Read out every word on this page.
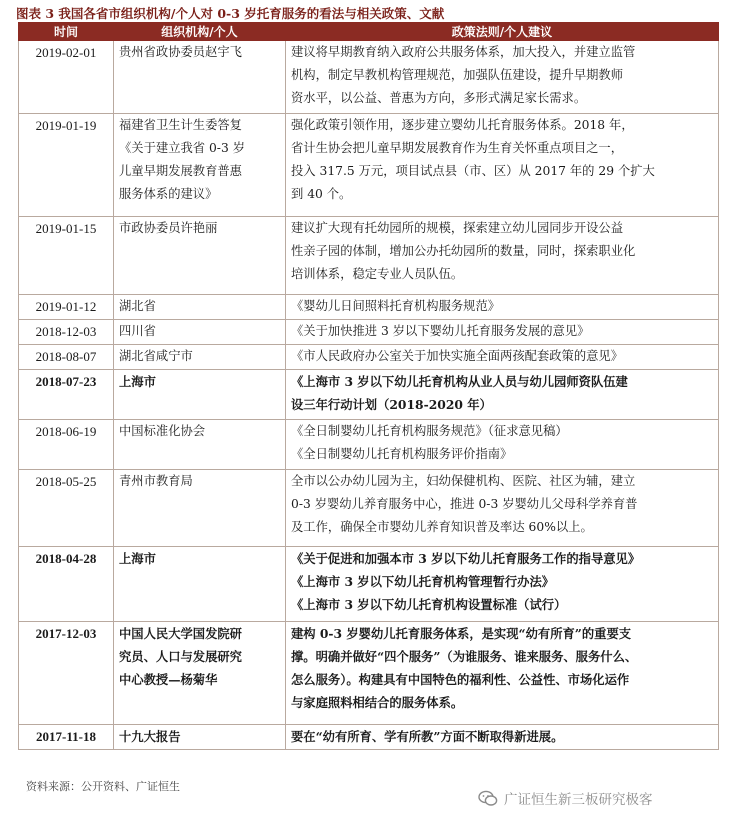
图表 3 我国各省市组织机构/个人对 0-3 岁托育服务的看法与相关政策、文献
时间	组织机构/个人	政策法则/个人建议
2019-02-01	贵州省政协委员赵宇飞	建议将早期教育纳入政府公共服务体系，加大投入，并建立监管
机构，制定早教机构管理规范，加强队伍建设，提升早期教师
资水平，以公益、普惠为方向，多形式满足家长需求。

2019-01-19	福建省卫生计生委答复
《关于建立我省 0-3 岁
儿童早期发展教育普惠
服务体系的建议》	强化政策引领作用，逐步建立婴幼儿托育服务体系。2018 年，
省计生协会把儿童早期发展教育作为生育关怀重点项目之一，
投入 317.5 万元，项目试点县（市、区）从 2017 年的 29 个扩大
到 40 个。

2019-01-15	市政协委员许艳丽	建议扩大现有托幼园所的规模，探索建立幼儿园同步开设公益
性亲子园的体制，增加公办托幼园所的数量，同时，探索职业化
培训体系，稳定专业人员队伍。

2019-01-12	湖北省	《婴幼儿日间照料托育机构服务规范》

2018-12-03	四川省	《关于加快推进 3 岁以下婴幼儿托育服务发展的意见》

2018-08-07	湖北省咸宁市	《市人民政府办公室关于加快实施全面两孩配套政策的意见》

2018-07-23	上海市	《上海市 3 岁以下幼儿托育机构从业人员与幼儿园师资队伍建
设三年行动计划（2018-2020 年）

2018-06-19	中国标准化协会	《全日制婴幼儿托育机构服务规范》（征求意见稿）
《全日制婴幼儿托育机构服务评价指南》

2018-05-25	青州市教育局	全市以公办幼儿园为主，妇幼保健机构、医院、社区为辅，建立
0-3 岁婴幼儿养育服务中心，推进 0-3 岁婴幼儿父母科学养育普
及工作，确保全市婴幼儿养育知识普及率达 60%以上。

2018-04-28	上海市	《关于促进和加强本市 3 岁以下幼儿托育服务工作的指导意见》
《上海市 3 岁以下幼儿托育机构管理暂行办法》
《上海市 3 岁以下幼儿托育机构设置标准（试行）

2017-12-03	中国人民大学国发院研
究员、人口与发展研究
中心教授—杨菊华	建构 0-3 岁婴幼儿托育服务体系，是实现“幼有所育”的重要支
撑。明确并做好“四个服务”（为谁服务、谁来服务、服务什么、
怎么服务）。构建具有中国特色的福利性、公益性、市场化运作
与家庭照料相结合的服务体系。

2017-11-18	十九大报告	要在“幼有所育、学有所教”方面不断取得新进展。
资料来源：公开资料、广证恒生
广证恒生新三板研究极客
